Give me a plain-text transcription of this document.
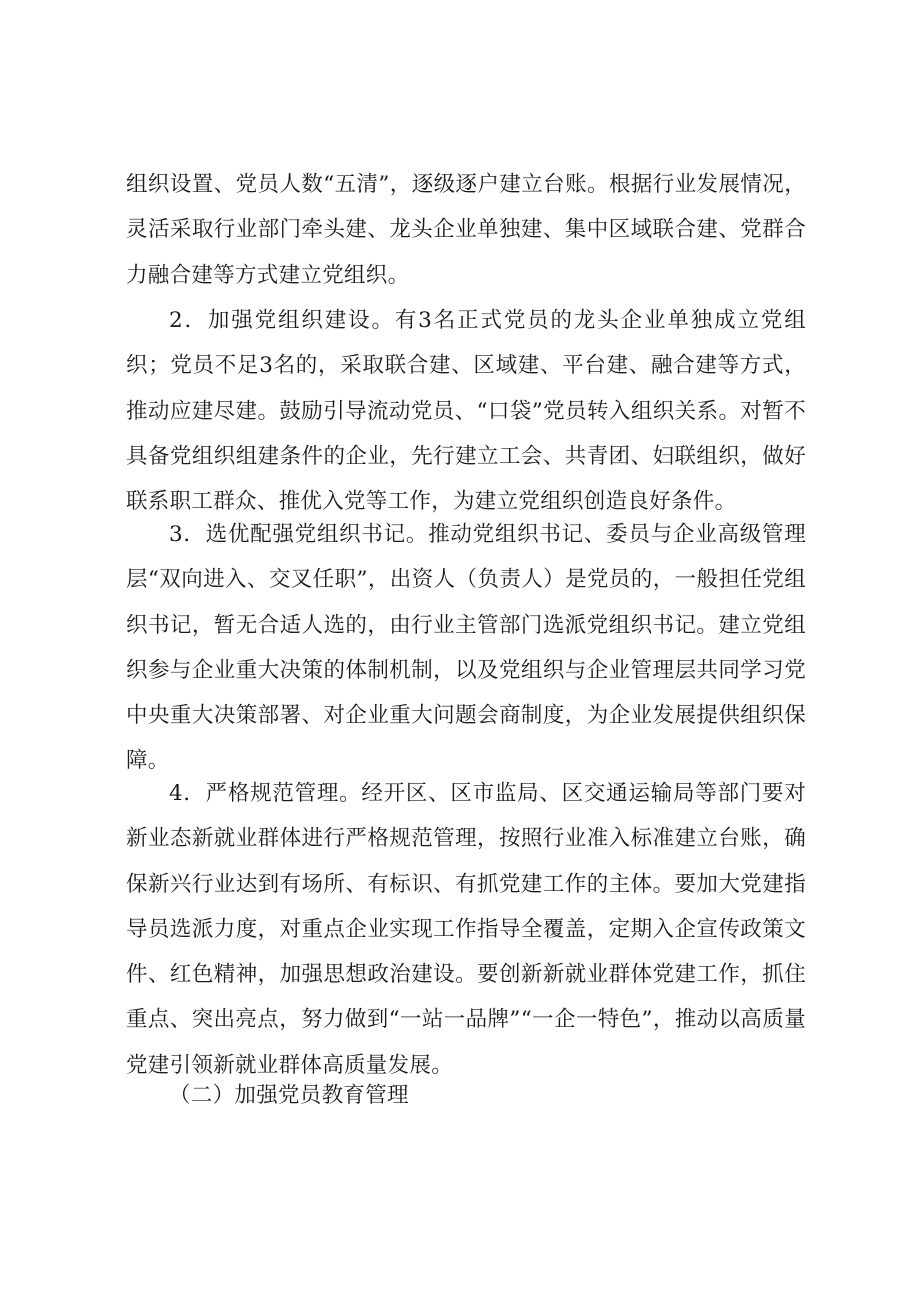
组织设置、党员人数“五清”，逐级逐户建立台账。根据行业发展情况，灵活采取行业部门牵头建、龙头企业单独建、集中区域联合建、党群合力融合建等方式建立党组织。

2．加强党组织建设。有3名正式党员的龙头企业单独成立党组织；党员不足3名的，采取联合建、区域建、平台建、融合建等方式，推动应建尽建。鼓励引导流动党员、“口袋”党员转入组织关系。对暂不具备党组织组建条件的企业，先行建立工会、共青团、妇联组织，做好联系职工群众、推优入党等工作，为建立党组织创造良好条件。

3．选优配强党组织书记。推动党组织书记、委员与企业高级管理层“双向进入、交叉任职”，出资人（负责人）是党员的，一般担任党组织书记，暂无合适人选的，由行业主管部门选派党组织书记。建立党组织参与企业重大决策的体制机制，以及党组织与企业管理层共同学习党中央重大决策部署、对企业重大问题会商制度，为企业发展提供组织保障。

4．严格规范管理。经开区、区市监局、区交通运输局等部门要对新业态新就业群体进行严格规范管理，按照行业准入标准建立台账，确保新兴行业达到有场所、有标识、有抓党建工作的主体。要加大党建指导员选派力度，对重点企业实现工作指导全覆盖，定期入企宣传政策文件、红色精神，加强思想政治建设。要创新新就业群体党建工作，抓住重点、突出亮点，努力做到“一站一品牌”“一企一特色”，推动以高质量党建引领新就业群体高质量发展。

（二）加强党员教育管理
